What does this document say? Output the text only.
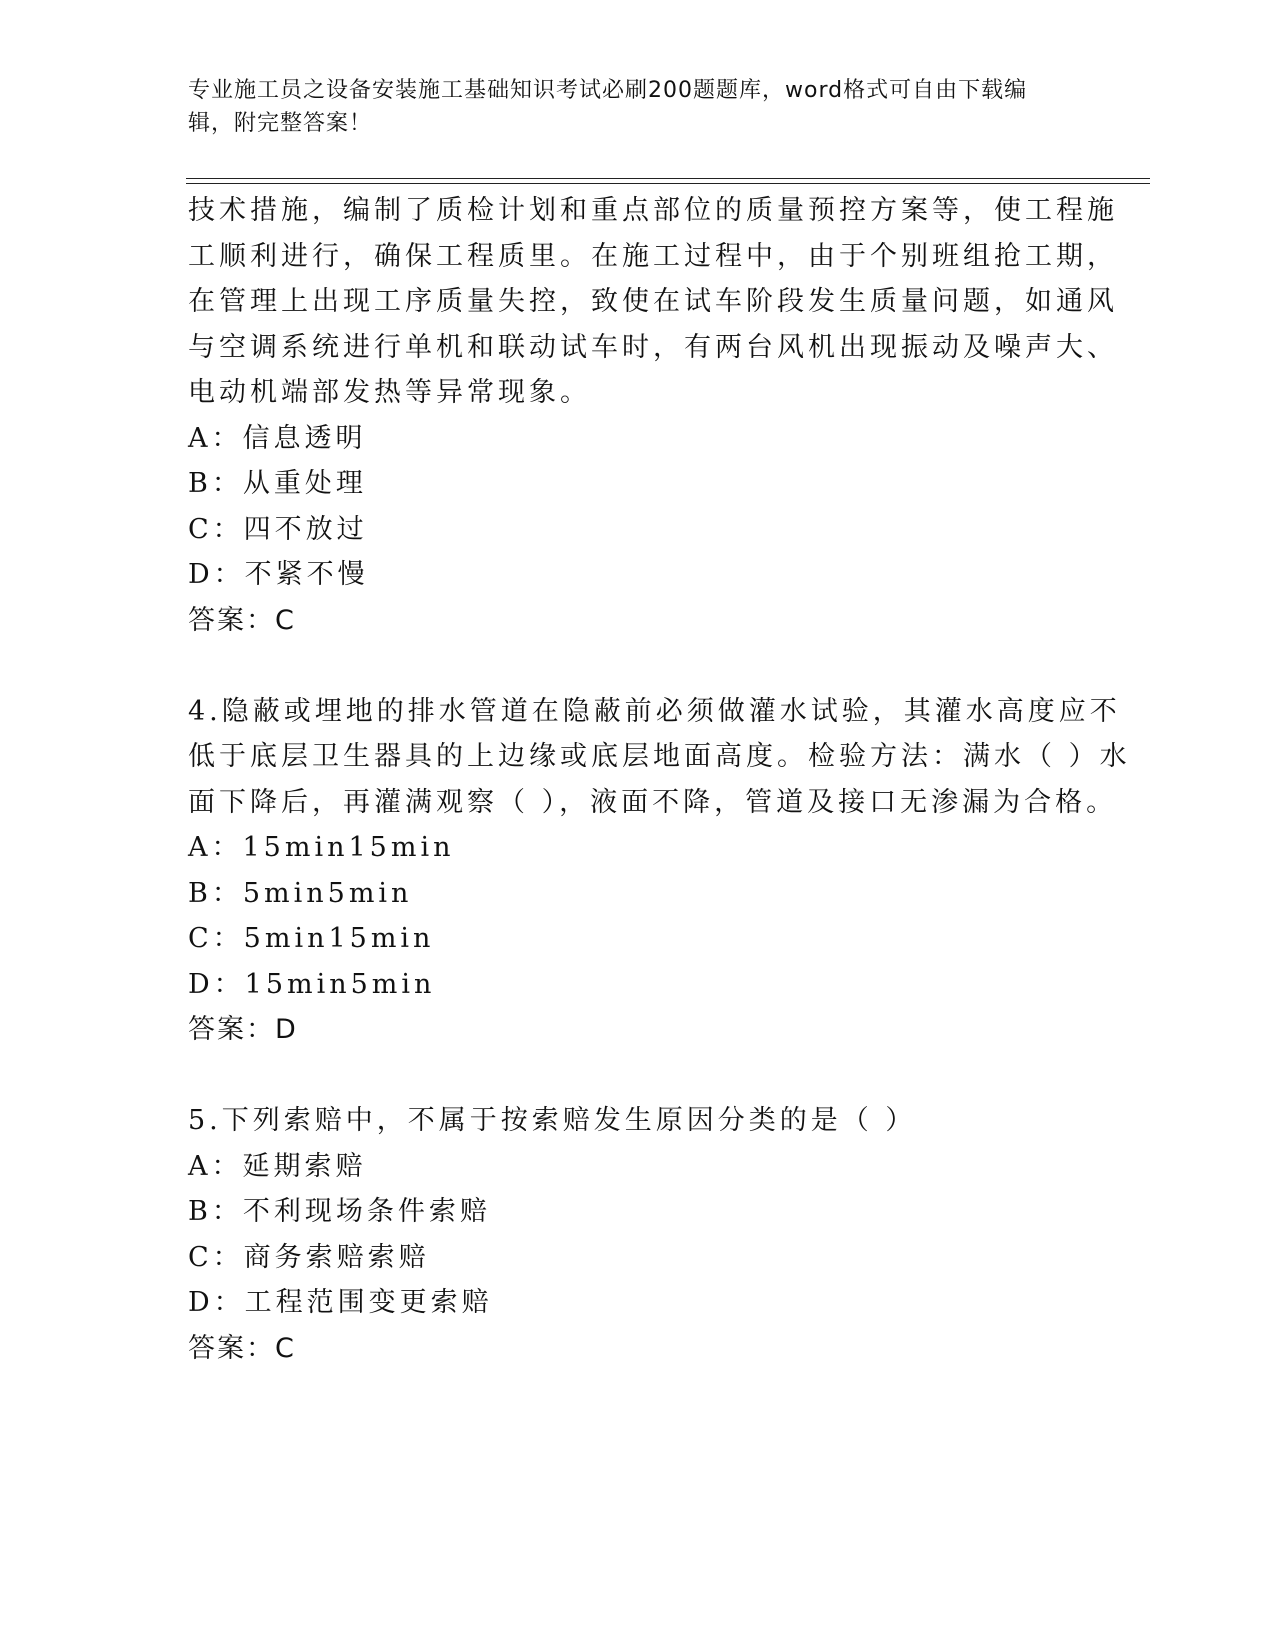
专业施工员之设备安装施工基础知识考试必刷200题题库，word格式可自由下载编辑，附完整答案！
技术措施，编制了质检计划和重点部位的质量预控方案等，使工程施
工顺利进行，确保工程质里。在施工过程中，由于个别班组抢工期，
在管理上出现工序质量失控，致使在试车阶段发生质量问题，如通风
与空调系统进行单机和联动试车时，有两台风机出现振动及噪声大、
电动机端部发热等异常现象。
A：信息透明
B：从重处理
C：四不放过
D：不紧不慢
答案：C
4.隐蔽或埋地的排水管道在隐蔽前必须做灌水试验，其灌水高度应不
低于底层卫生器具的上边缘或底层地面高度。检验方法：满水（ ）水
面下降后，再灌满观察（ ），液面不降，管道及接口无渗漏为合格。
A：15min15min
B：5min5min
C：5min15min
D：15min5min
答案：D
5.下列索赔中，不属于按索赔发生原因分类的是（ ）
A：延期索赔
B：不利现场条件索赔
C：商务索赔索赔
D：工程范围变更索赔
答案：C
